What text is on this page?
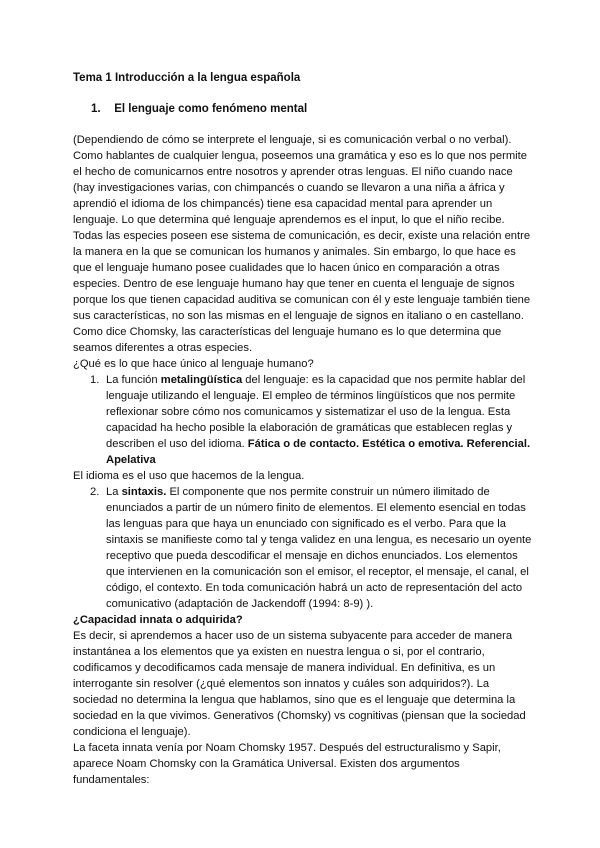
Tema 1 Introducción a la lengua española
1. El lenguaje como fenómeno mental

(Dependiendo de cómo se interprete el lenguaje, si es comunicación verbal o no verbal). Como hablantes de cualquier lengua, poseemos una gramática y eso es lo que nos permite el hecho de comunicarnos entre nosotros y aprender otras lenguas. El niño cuando nace (hay investigaciones varias, con chimpancés o cuando se llevaron a una niña a áfrica y aprendió el idioma de los chimpancés) tiene esa capacidad mental para aprender un lenguaje. Lo que determina qué lenguaje aprendemos es el input, lo que el niño recibe. Todas las especies poseen ese sistema de comunicación, es decir, existe una relación entre la manera en la que se comunican los humanos y animales. Sin embargo, lo que hace es que el lenguaje humano posee cualidades que lo hacen único en comparación a otras especies. Dentro de ese lenguaje humano hay que tener en cuenta el lenguaje de signos porque los que tienen capacidad auditiva se comunican con él y este lenguaje también tiene sus características, no son las mismas en el lenguaje de signos en italiano o en castellano. Como dice Chomsky, las características del lenguaje humano es lo que determina que seamos diferentes a otras especies.

¿Qué es lo que hace único al lenguaje humano?

1. La función metalingüística del lenguaje: es la capacidad que nos permite hablar del lenguaje utilizando el lenguaje. El empleo de términos lingüísticos que nos permite reflexionar sobre cómo nos comunicamos y sistematizar el uso de la lengua. Esta capacidad ha hecho posible la elaboración de gramáticas que establecen reglas y describen el uso del idioma. Fática o de contacto. Estética o emotiva. Referencial. Apelativa

El idioma es el uso que hacemos de la lengua.

2. La sintaxis. El componente que nos permite construir un número ilimitado de enunciados a partir de un número finito de elementos. El elemento esencial en todas las lenguas para que haya un enunciado con significado es el verbo. Para que la sintaxis se manifieste como tal y tenga validez en una lengua, es necesario un oyente receptivo que pueda descodificar el mensaje en dichos enunciados. Los elementos que intervienen en la comunicación son el emisor, el receptor, el mensaje, el canal, el código, el contexto. En toda comunicación habrá un acto de representación del acto comunicativo (adaptación de Jackendoff (1994: 8-9) ).

¿Capacidad innata o adquirida?

Es decir, si aprendemos a hacer uso de un sistema subyacente para acceder de manera instantánea a los elementos que ya existen en nuestra lengua o si, por el contrario, codificamos y decodificamos cada mensaje de manera individual. En definitiva, es un interrogante sin resolver (¿qué elementos son innatos y cuáles son adquiridos?). La sociedad no determina la lengua que hablamos, sino que es el lenguaje que determina la sociedad en la que vivimos. Generativos (Chomsky) vs cognitivas (piensan que la sociedad condiciona el lenguaje).

La faceta innata venía por Noam Chomsky 1957. Después del estructuralismo y Sapir, aparece Noam Chomsky con la Gramática Universal. Existen dos argumentos fundamentales:
